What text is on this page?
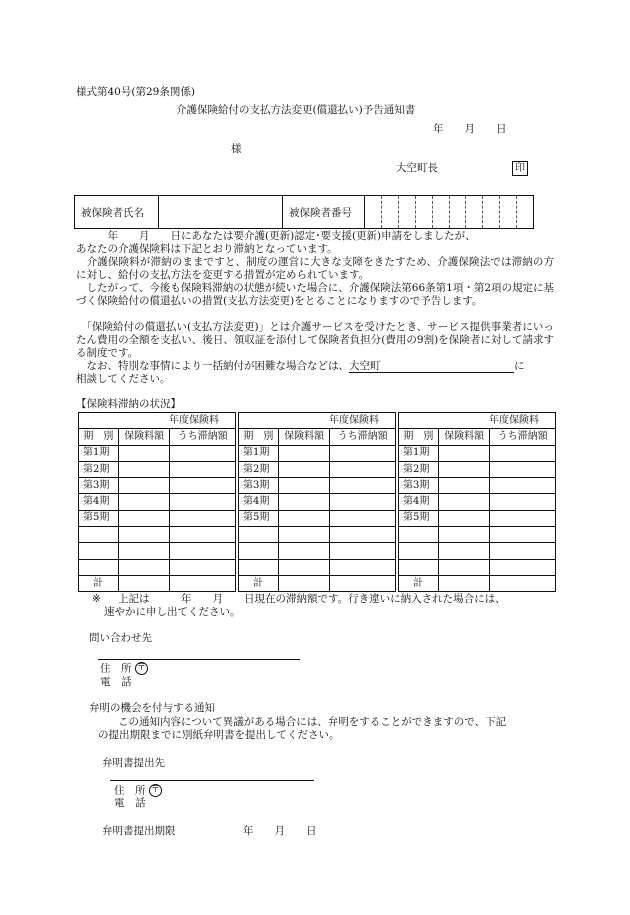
様式第40号(第29条関係)
介護保険給付の支払方法変更(償還払い)予告通知書
年　　月　　日
様
大空町長	印
被保険者氏名	被保険者番号
　　　年　　月　　日にあなたは要介護(更新)認定･要支援(更新)申請をしましたが、
あなたの介護保険料は下記とおり滞納となっています。
　介護保険料が滞納のままですと、制度の運営に大きな支障をきたすため、介護保険法では滞納の方に対し、給付の支払方法を変更する措置が定められています。
　したがって、今後も保険料滞納の状態が続いた場合に、介護保険法第66条第1項・第2項の規定に基づく保険給付の償還払いの措置(支払方法変更)をとることになりますので予告します。
　「保険給付の償還払い(支払方法変更)」とは介護サービスを受けたとき、サービス提供事業者にいったん費用の全額を支払い、後日、領収証を添付して保険者負担分(費用の9割)を保険者に対して請求する制度です。
　なお、特別な事情により一括納付が困難な場合などは、大空町	に
相談してください。
【保険料滞納の状況】
年度保険料		
期　別	保険料額	うち滞納額
第1期		
第2期		
第3期		
第4期		
第5期		

計		
年度保険料		
期　別	保険料額	うち滞納額
第1期		
第2期		
第3期		
第4期		
第5期		

計		
年度保険料		
期　別	保険料額	うち滞納額
第1期		
第2期		
第3期		
第4期		
第5期		

計		
※ 上記は　　　年　　月　　日現在の滞納額です。行き違いに納入された場合には、
速やかに申し出てください。
問い合わせ先
住　所 〒
電　話
弁明の機会を付与する通知
この通知内容について異議がある場合には、弁明をすることができますので、下記
の提出期限までに別紙弁明書を提出してください。
弁明書提出先
住　所 〒
電　話
弁明書提出期限	年　　月　　日
